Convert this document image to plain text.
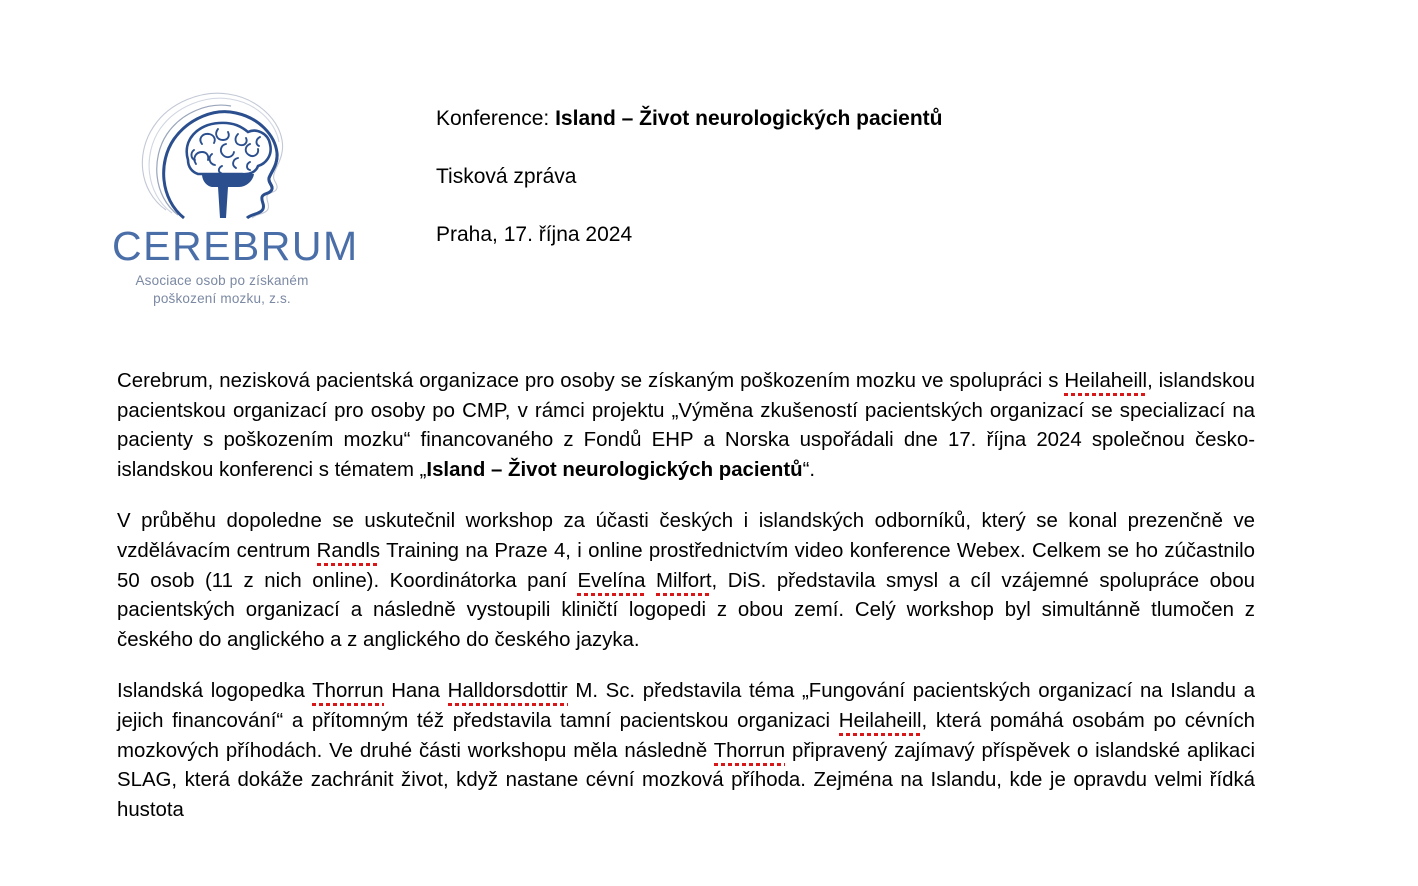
CEREBRUM
Asociace osob po získaném
poškození mozku, z.s.
Konference: Island – Život neurologických pacientů
Tisková zpráva
Praha, 17. října 2024

Cerebrum, nezisková pacientská organizace pro osoby se získaným poškozením mozku ve spolupráci s Heilaheill, islandskou pacientskou organizací pro osoby po CMP, v rámci projektu „Výměna zkušeností pacientských organizací se specializací na pacienty s poškozením mozku“ financovaného z Fondů EHP a Norska uspořádali dne 17. října 2024 společnou česko-islandskou konferenci s tématem „Island – Život neurologických pacientů“.

V průběhu dopoledne se uskutečnil workshop za účasti českých i islandských odborníků, který se konal prezenčně ve vzdělávacím centrum Randls Training na Praze 4, i online prostřednictvím video konference Webex. Celkem se ho zúčastnilo 50 osob (11 z nich online). Koordinátorka paní Evelína Milfort, DiS. představila smysl a cíl vzájemné spolupráce obou pacientských organizací a následně vystoupili kliničtí logopedi z obou zemí. Celý workshop byl simultánně tlumočen z českého do anglického a z anglického do českého jazyka.

Islandská logopedka Thorrun Hana Halldorsdottir M. Sc. představila téma „Fungování pacientských organizací na Islandu a jejich financování“ a přítomným též představila tamní pacientskou organizaci Heilaheill, která pomáhá osobám po cévních mozkových příhodách. Ve druhé části workshopu měla následně Thorrun připravený zajímavý příspěvek o islandské aplikaci SLAG, která dokáže zachránit život, když nastane cévní mozková příhoda. Zejména na Islandu, kde je opravdu velmi řídká hustota
